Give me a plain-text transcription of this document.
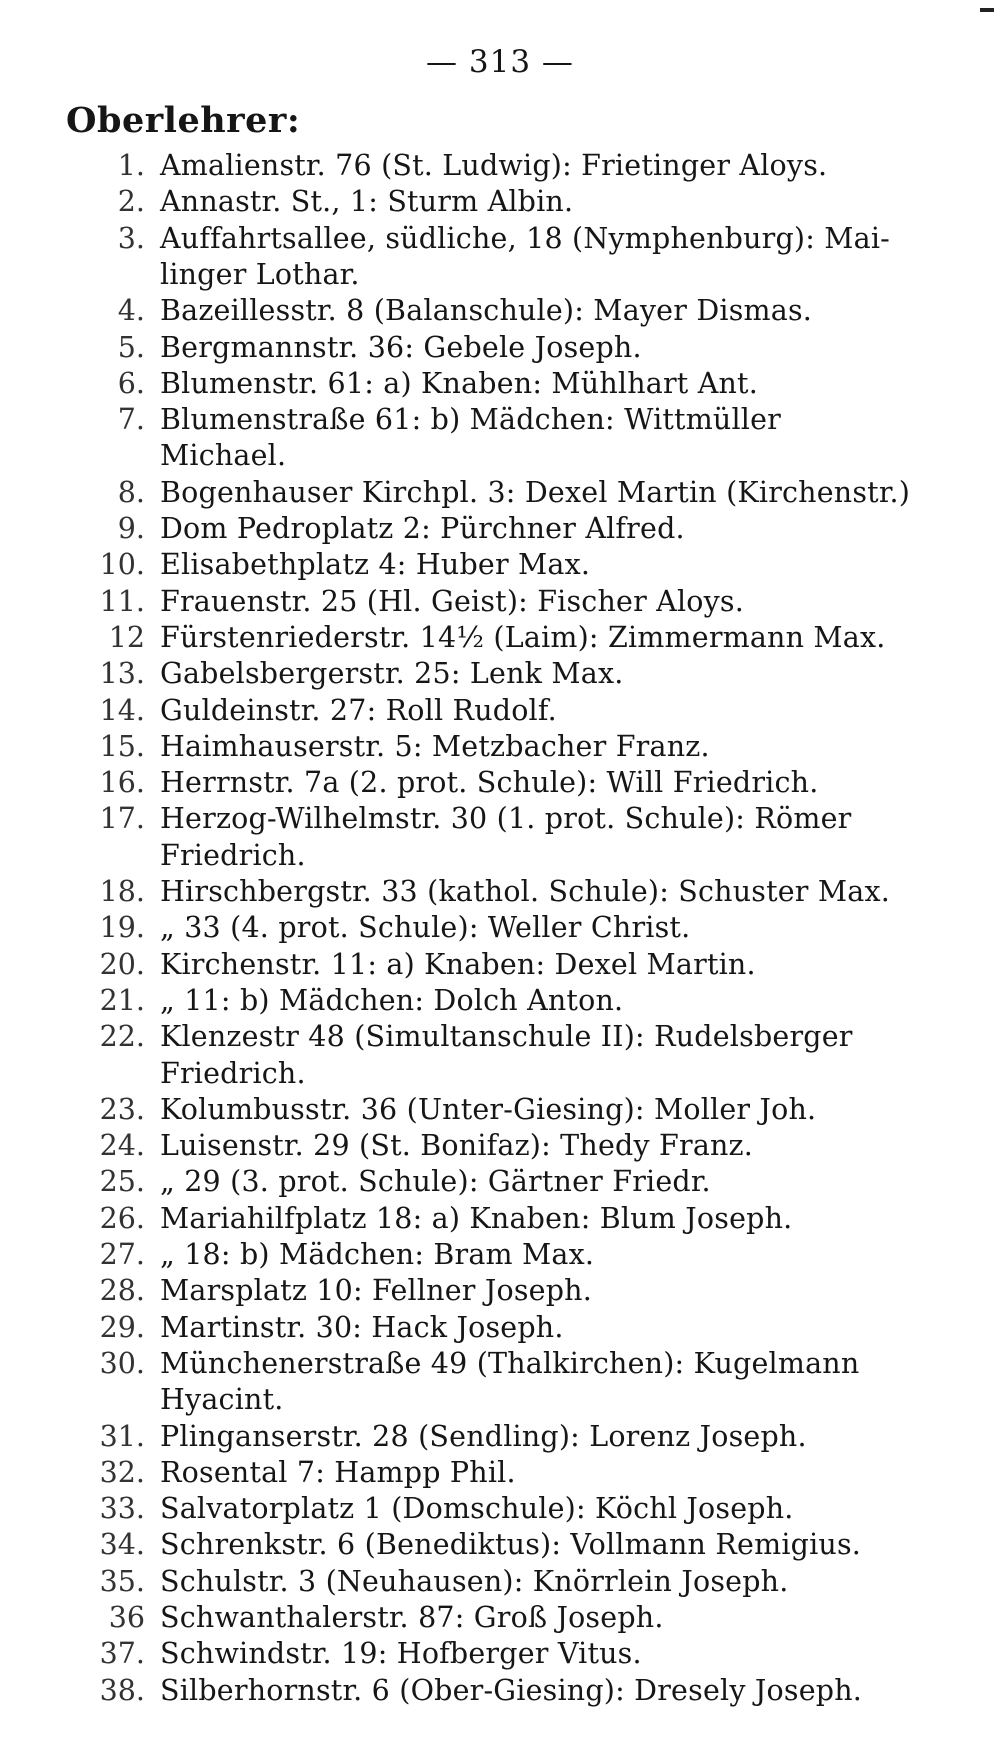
— 313 —
Oberlehrer:
1. Amalienstr. 76 (St. Ludwig): Frietinger Aloys.
2. Annastr. St., 1: Sturm Albin.
3. Auffahrtsallee, südliche, 18 (Nymphenburg): Mai-
linger Lothar.
4. Bazeillesstr. 8 (Balanschule): Mayer Dismas.
5. Bergmannstr. 36: Gebele Joseph.
6. Blumenstr. 61: a) Knaben: Mühlhart Ant.
7. Blumenstraße 61: b) Mädchen: Wittmüller
Michael.
8. Bogenhauser Kirchpl. 3: Dexel Martin (Kirchenstr.)
9. Dom Pedroplatz 2: Pürchner Alfred.
10. Elisabethplatz 4: Huber Max.
11. Frauenstr. 25 (Hl. Geist): Fischer Aloys.
12 Fürstenriederstr. 14½ (Laim): Zimmermann Max.
13. Gabelsbergerstr. 25: Lenk Max.
14. Guldeinstr. 27: Roll Rudolf.
15. Haimhauserstr. 5: Metzbacher Franz.
16. Herrnstr. 7a (2. prot. Schule): Will Friedrich.
17. Herzog-Wilhelmstr. 30 (1. prot. Schule): Römer
Friedrich.
18. Hirschbergstr. 33 (kathol. Schule): Schuster Max.
19. „ 33 (4. prot. Schule): Weller Christ.
20. Kirchenstr. 11: a) Knaben: Dexel Martin.
21. „ 11: b) Mädchen: Dolch Anton.
22. Klenzestr 48 (Simultanschule II): Rudelsberger
Friedrich.
23. Kolumbusstr. 36 (Unter-Giesing): Moller Joh.
24. Luisenstr. 29 (St. Bonifaz): Thedy Franz.
25. „ 29 (3. prot. Schule): Gärtner Friedr.
26. Mariahilfplatz 18: a) Knaben: Blum Joseph.
27. „ 18: b) Mädchen: Bram Max.
28. Marsplatz 10: Fellner Joseph.
29. Martinstr. 30: Hack Joseph.
30. Münchenerstraße 49 (Thalkirchen): Kugelmann
Hyacint.
31. Plinganserstr. 28 (Sendling): Lorenz Joseph.
32. Rosental 7: Hampp Phil.
33. Salvatorplatz 1 (Domschule): Köchl Joseph.
34. Schrenkstr. 6 (Benediktus): Vollmann Remigius.
35. Schulstr. 3 (Neuhausen): Knörrlein Joseph.
36 Schwanthalerstr. 87: Groß Joseph.
37. Schwindstr. 19: Hofberger Vitus.
38. Silberhornstr. 6 (Ober-Giesing): Dresely Joseph.
